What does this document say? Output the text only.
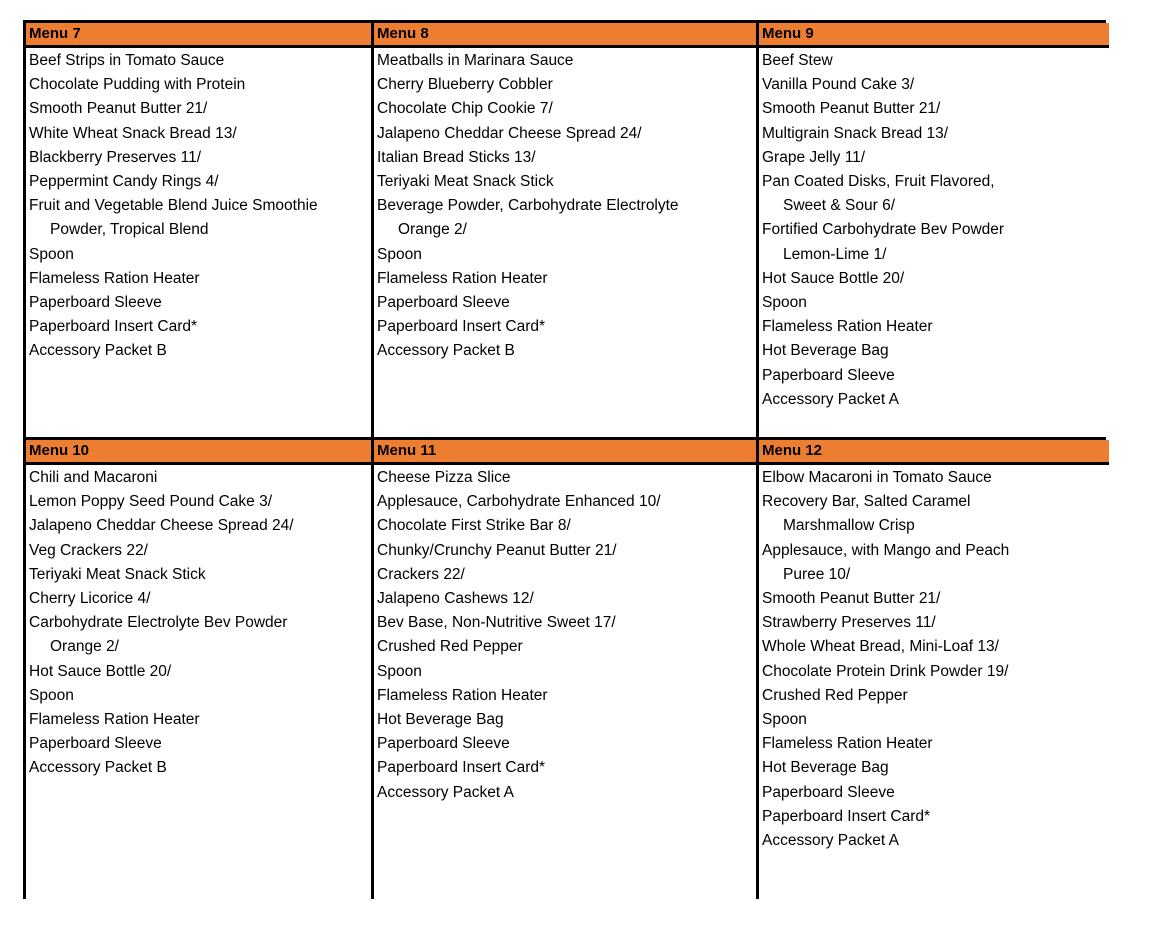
Menu 7
Beef Strips in Tomato Sauce
Chocolate Pudding with Protein
Smooth Peanut Butter 21/
White Wheat Snack Bread 13/
Blackberry Preserves 11/
Peppermint Candy Rings 4/
Fruit and Vegetable Blend Juice Smoothie
Powder, Tropical Blend
Spoon
Flameless Ration Heater
Paperboard Sleeve
Paperboard Insert Card*
Accessory Packet B
Menu 8
Meatballs in Marinara Sauce
Cherry Blueberry Cobbler
Chocolate Chip Cookie 7/
Jalapeno Cheddar Cheese Spread 24/
Italian Bread Sticks 13/
Teriyaki Meat Snack Stick
Beverage Powder, Carbohydrate Electrolyte
Orange 2/
Spoon
Flameless Ration Heater
Paperboard Sleeve
Paperboard Insert Card*
Accessory Packet B
Menu 9
Beef Stew
Vanilla Pound Cake 3/
Smooth Peanut Butter 21/
Multigrain Snack Bread 13/
Grape Jelly 11/
Pan Coated Disks, Fruit Flavored,
Sweet & Sour 6/
Fortified Carbohydrate Bev Powder
Lemon-Lime 1/
Hot Sauce Bottle 20/
Spoon
Flameless Ration Heater
Hot Beverage Bag
Paperboard Sleeve
Accessory Packet A
Menu 10
Chili and Macaroni
Lemon Poppy Seed Pound Cake 3/
Jalapeno Cheddar Cheese Spread 24/
Veg Crackers 22/
Teriyaki Meat Snack Stick
Cherry Licorice 4/
Carbohydrate Electrolyte Bev Powder
Orange 2/
Hot Sauce Bottle 20/
Spoon
Flameless Ration Heater
Paperboard Sleeve
Accessory Packet B
Menu 11
Cheese Pizza Slice
Applesauce, Carbohydrate Enhanced 10/
Chocolate First Strike Bar 8/
Chunky/Crunchy Peanut Butter 21/
Crackers 22/
Jalapeno Cashews 12/
Bev Base, Non-Nutritive Sweet 17/
Crushed Red Pepper
Spoon
Flameless Ration Heater
Hot Beverage Bag
Paperboard Sleeve
Paperboard Insert Card*
Accessory Packet A
Menu 12
Elbow Macaroni in Tomato Sauce
Recovery Bar, Salted Caramel
Marshmallow Crisp
Applesauce, with Mango and Peach
Puree 10/
Smooth Peanut Butter 21/
Strawberry Preserves 11/
Whole Wheat Bread, Mini-Loaf 13/
Chocolate Protein Drink Powder 19/
Crushed Red Pepper
Spoon
Flameless Ration Heater
Hot Beverage Bag
Paperboard Sleeve
Paperboard Insert Card*
Accessory Packet A
